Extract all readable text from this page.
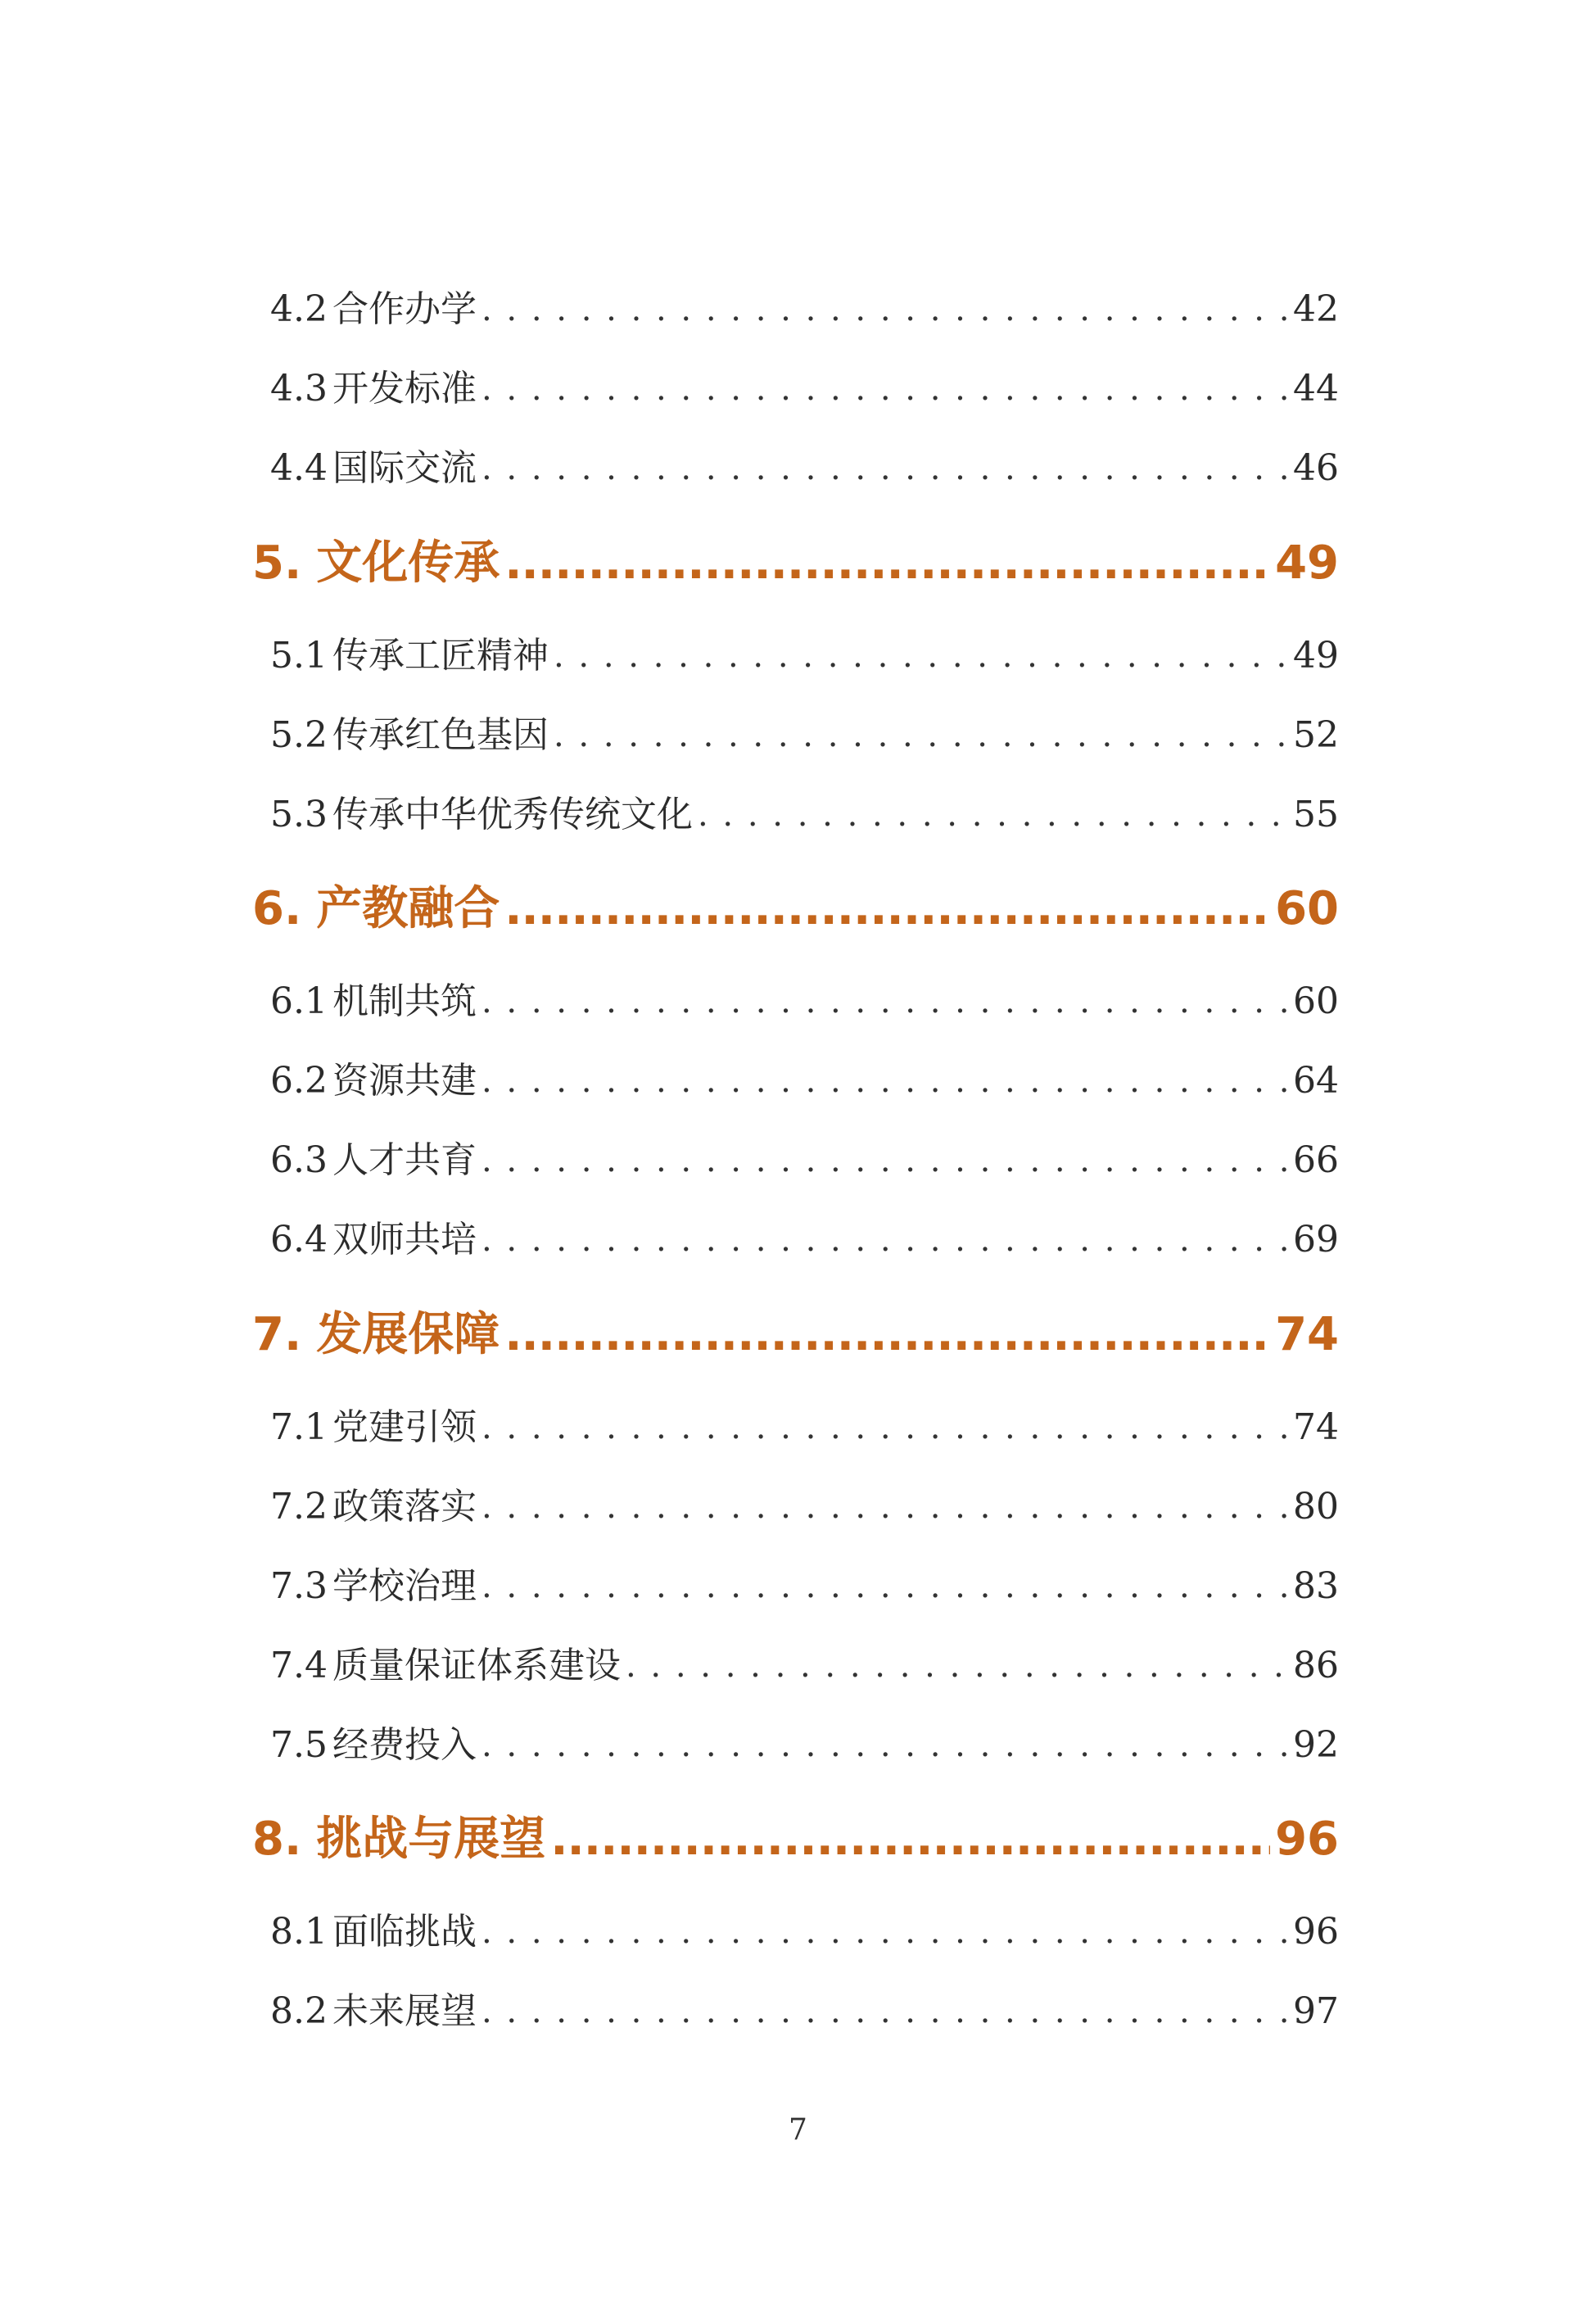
4.2 合作办学 . . .	42
4.3 开发标准 . . .	44
4.4 国际交流 . . .	46
5. 文化传承 .....	49
5.1 传承工匠精神 . . .	49
5.2 传承红色基因 . . .	52
5.3 传承中华优秀传统文化 . . .	55
6. 产教融合 .....	60
6.1 机制共筑 . . .	60
6.2 资源共建 . . .	64
6.3 人才共育 . . .	66
6.4 双师共培 . . .	69
7. 发展保障 .....	74
7.1 党建引领 . . .	74
7.2 政策落实 . . .	80
7.3 学校治理 . . .	83
7.4 质量保证体系建设 . . .	86
7.5 经费投入 . . .	92
8. 挑战与展望 .....	96
8.1 面临挑战 . . .	96
8.2 未来展望 . . .	97
7
